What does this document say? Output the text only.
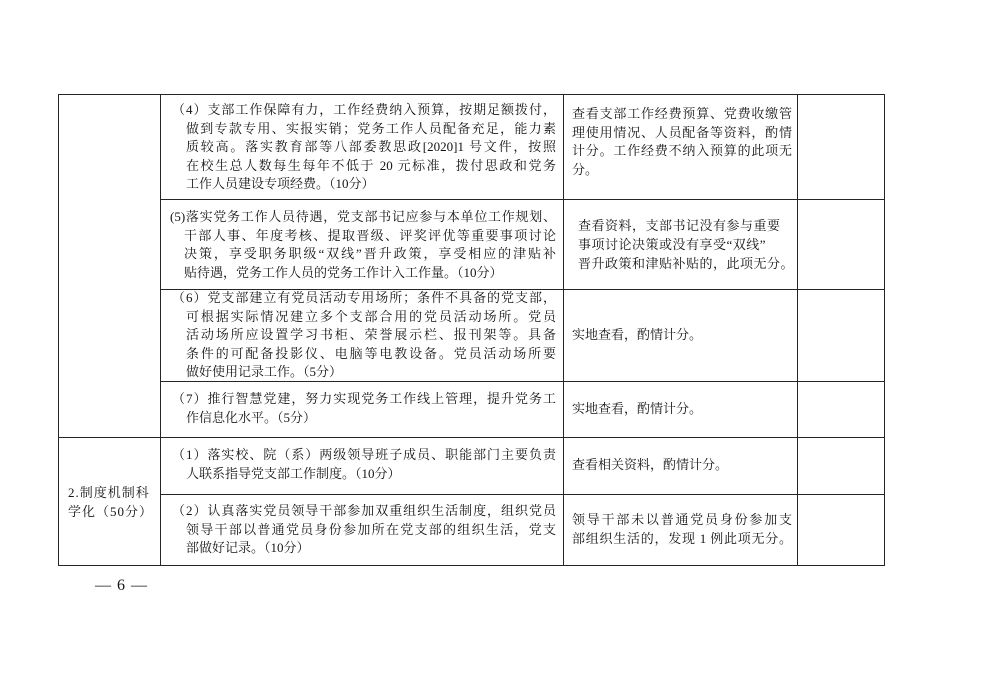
（4）支部工作保障有力，工作经费纳入预算，按期足额拨付，
做到专款专用、实报实销；党务工作人员配备充足，能力素
质较高。落实教育部等八部委教思政[2020]1 号文件，按照
在校生总人数每生每年不低于 20 元标准，拨付思政和党务
工作人员建设专项经费。（10分）
查看支部工作经费预算、党费收缴管
理使用情况、人员配备等资料，酌情
计分。工作经费不纳入预算的此项无
分。
(5)落实党务工作人员待遇，党支部书记应参与本单位工作规划、
干部人事、年度考核、提取晋级、评奖评优等重要事项讨论
决策，享受职务职级“双线”晋升政策，享受相应的津贴补
贴待遇，党务工作人员的党务工作计入工作量。（10分）
查看资料，支部书记没有参与重要
事项讨论决策或没有享受“双线”
晋升政策和津贴补贴的，此项无分。
（6）党支部建立有党员活动专用场所；条件不具备的党支部，
可根据实际情况建立多个支部合用的党员活动场所。党员
活动场所应设置学习书柜、荣誉展示栏、报刊架等。具备
条件的可配备投影仪、电脑等电教设备。党员活动场所要
做好使用记录工作。（5分）
实地查看，酌情计分。
（7）推行智慧党建，努力实现党务工作线上管理，提升党务工
作信息化水平。（5分）
实地查看，酌情计分。
2.制度机制科
学化（50分）
（1）落实校、院（系）两级领导班子成员、职能部门主要负责
人联系指导党支部工作制度。（10分）
查看相关资料，酌情计分。
（2）认真落实党员领导干部参加双重组织生活制度，组织党员
领导干部以普通党员身份参加所在党支部的组织生活，党支
部做好记录。（10分）
领导干部未以普通党员身份参加支
部组织生活的，发现 1 例此项无分。
— 6 —
